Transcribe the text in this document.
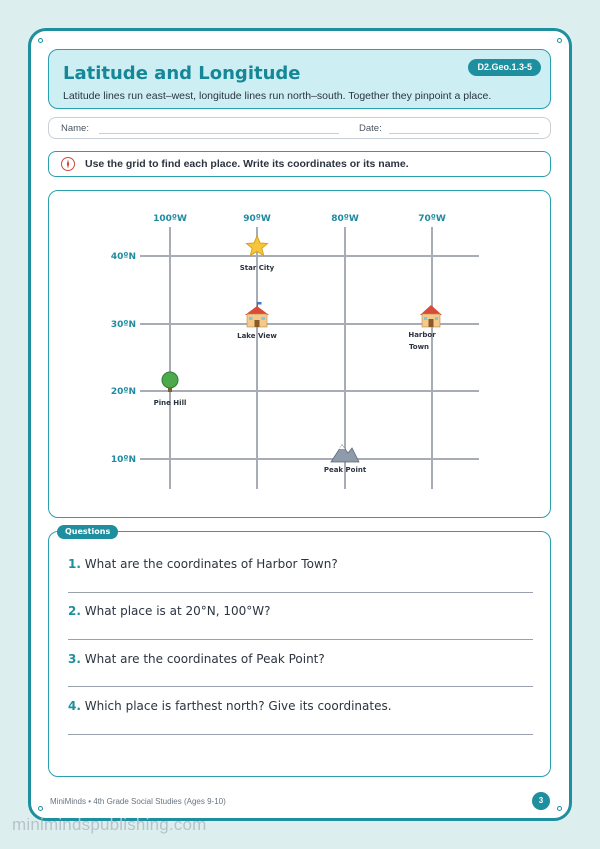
Latitude and Longitude	D2.Geo.1.3-5
Latitude lines run east–west, longitude lines run north–south. Together they pinpoint a place.
Name:	Date:
Use the grid to find each place. Write its coordinates or its name.
100ºW	90ºW	80ºW	70ºW
40ºN
30ºN
20ºN
10ºN
Star City
Lake View	Harbor
Town
Pine Hill
Peak Point
Questions
1. What are the coordinates of Harbor Town?
2. What place is at 20°N, 100°W?
3. What are the coordinates of Peak Point?
4. Which place is farthest north? Give its coordinates.
MiniMinds • 4th Grade Social Studies (Ages 9-10)	3
minimindspublishing.com
